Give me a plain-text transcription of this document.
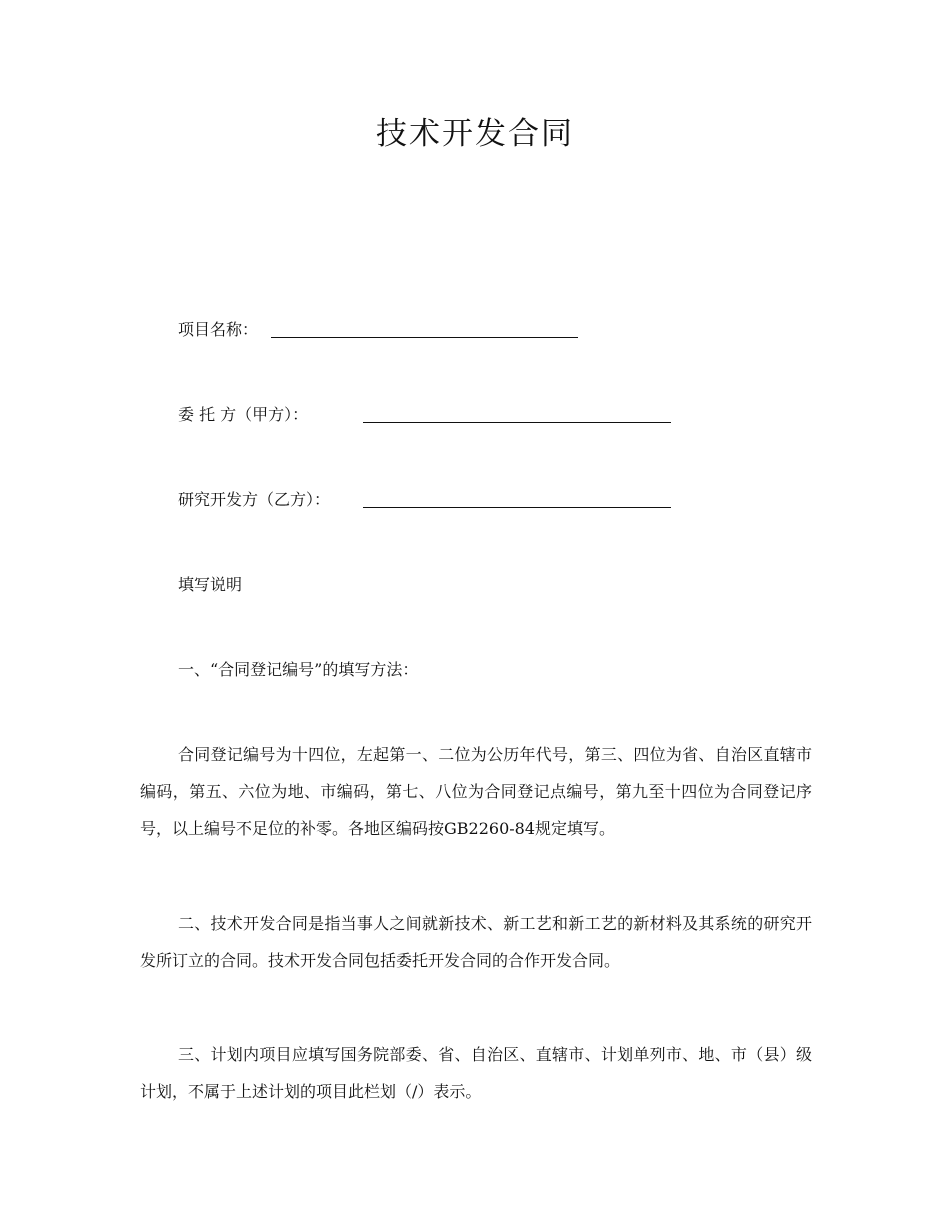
技术开发合同
项目名称：
委 托 方（甲方）：
研究开发方（乙方）：
填写说明
一、“合同登记编号”的填写方法：

合同登记编号为十四位，左起第一、二位为公历年代号，第三、四位为省、自治区直辖市编码，第五、六位为地、市编码，第七、八位为合同登记点编号，第九至十四位为合同登记序号，以上编号不足位的补零。各地区编码按GB2260-84规定填写。

二、技术开发合同是指当事人之间就新技术、新工艺和新工艺的新材料及其系统的研究开发所订立的合同。技术开发合同包括委托开发合同的合作开发合同。

三、计划内项目应填写国务院部委、省、自治区、直辖市、计划单列市、地、市（县）级计划，不属于上述计划的项目此栏划（/）表示。
